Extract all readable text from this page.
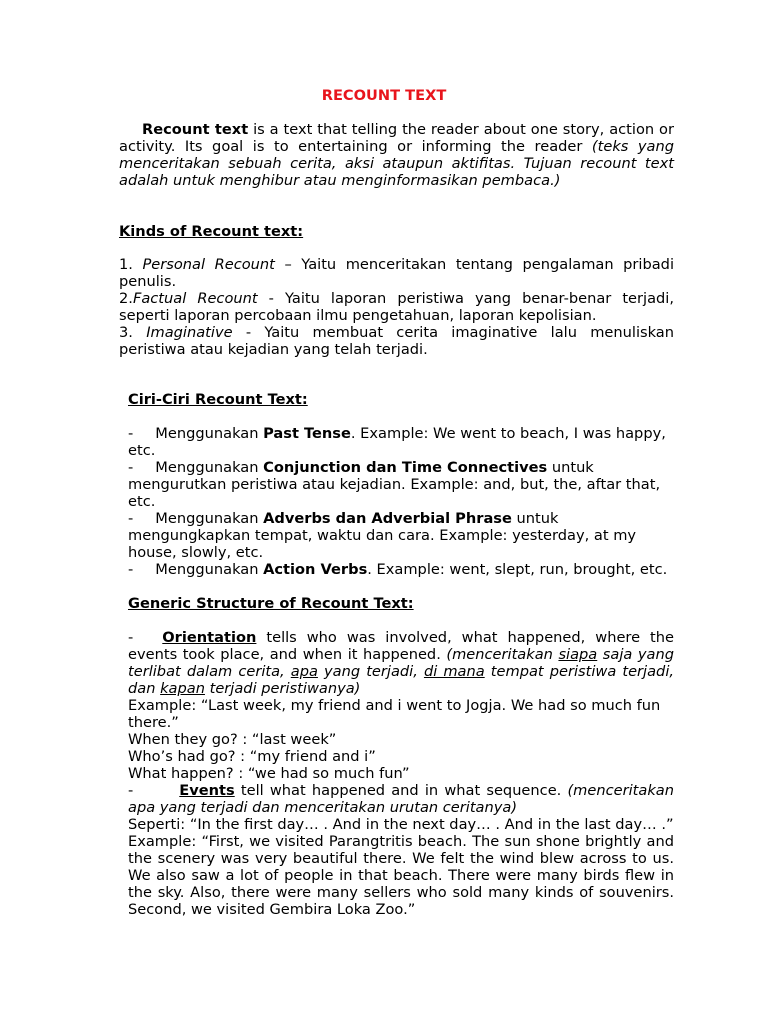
RECOUNT TEXT
Recount text is a text that telling the reader about one story, action or activity. Its goal is to entertaining or informing the reader (teks yang menceritakan sebuah cerita, aksi ataupun aktifitas. Tujuan recount text adalah untuk menghibur atau menginformasikan pembaca.)
Kinds of Recount text:

1. Personal Recount – Yaitu menceritakan tentang pengalaman pribadi penulis.

2.Factual Recount - Yaitu laporan peristiwa yang benar-benar terjadi, seperti laporan percobaan ilmu pengetahuan, laporan kepolisian.

3. Imaginative - Yaitu membuat cerita imaginative lalu menuliskan peristiwa atau kejadian yang telah terjadi.

Ciri-Ciri Recount Text:

- Menggunakan Past Tense. Example: We went to beach, I was happy, etc.

- Menggunakan Conjunction dan Time Connectives untuk mengurutkan peristiwa atau kejadian. Example: and, but, the, aftar that, etc.

- Menggunakan Adverbs dan Adverbial Phrase untuk mengungkapkan tempat, waktu dan cara. Example: yesterday, at my house, slowly, etc.

- Menggunakan Action Verbs. Example: went, slept, run, brought, etc.

Generic Structure of Recount Text:

- Orientation tells who was involved, what happened, where the events took place, and when it happened. (menceritakan siapa saja yang terlibat dalam cerita, apa yang terjadi, di mana tempat peristiwa terjadi, dan kapan terjadi peristiwanya)

Example: “Last week, my friend and i went to Jogja. We had so much fun there.”

When they go? : “last week”

Who’s had go? : “my friend and i”

What happen? : “we had so much fun”

-	Events tell what happened and in what sequence. (menceritakan apa yang terjadi dan menceritakan urutan ceritanya)

Seperti: “In the first day… . And in the next day… . And in the last day… .”

Example: “First, we visited Parangtritis beach. The sun shone brightly and the scenery was very beautiful there. We felt the wind blew across to us. We also saw a lot of people in that beach. There were many birds flew in the sky. Also, there were many sellers who sold many kinds of souvenirs. Second, we visited Gembira Loka Zoo.”
